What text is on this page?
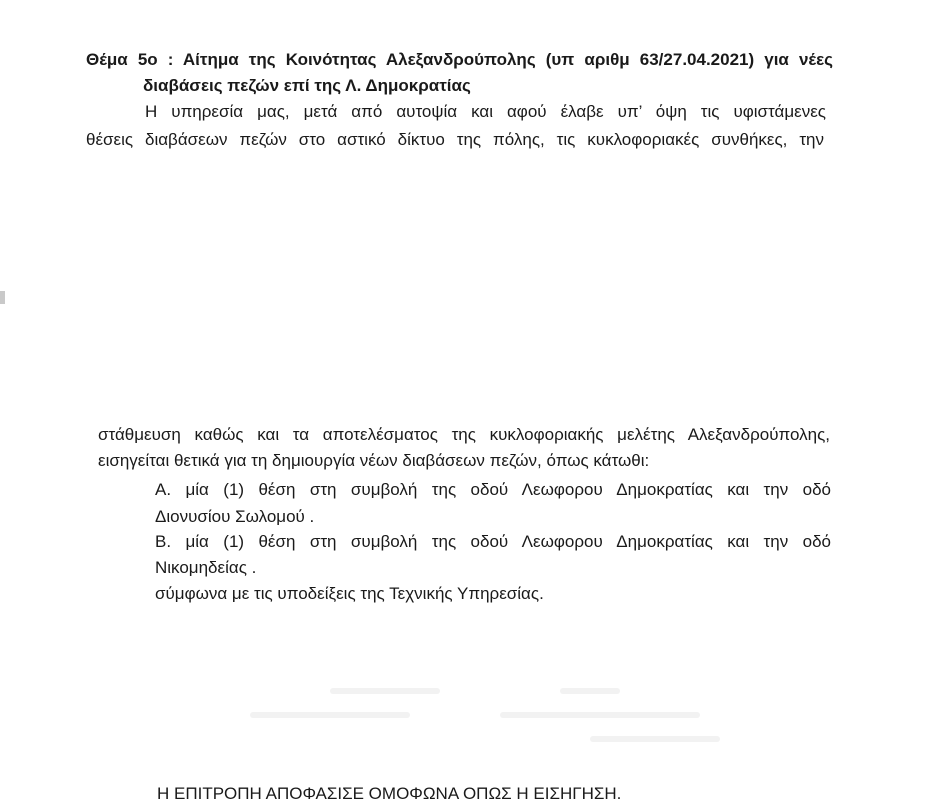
Θέμα 5ο : Αίτημα της Κοινότητας Αλεξανδρούπολης (υπ αριθμ 63/27.04.2021) για νέες
διαβάσεις πεζών επί της Λ. Δημοκρατίας
Η υπηρεσία μας, μετά από αυτοψία και αφού έλαβε υπ’ όψη τις υφιστάμενες
θέσεις διαβάσεων πεζών στο αστικό δίκτυο της πόλης, τις κυκλοφοριακές συνθήκες, την
στάθμευση καθώς και τα αποτελέσματος της κυκλοφοριακής μελέτης Αλεξανδρούπολης,
εισηγείται θετικά για τη δημιουργία νέων διαβάσεων πεζών, όπως κάτωθι:
Α. μία (1) θέση στη συμβολή της οδού Λεωφορου Δημοκρατίας και την οδό
Διονυσίου Σωλομού .
Β. μία (1) θέση στη συμβολή της οδού Λεωφορου Δημοκρατίας και την οδό
Νικομηδείας .
σύμφωνα με τις υποδείξεις της Τεχνικής Υπηρεσίας.
Η ΕΠΙΤΡΟΠΗ ΑΠΟΦΑΣΙΣΕ ΟΜΟΦΩΝΑ ΟΠΩΣ Η ΕΙΣΗΓΗΣΗ.
